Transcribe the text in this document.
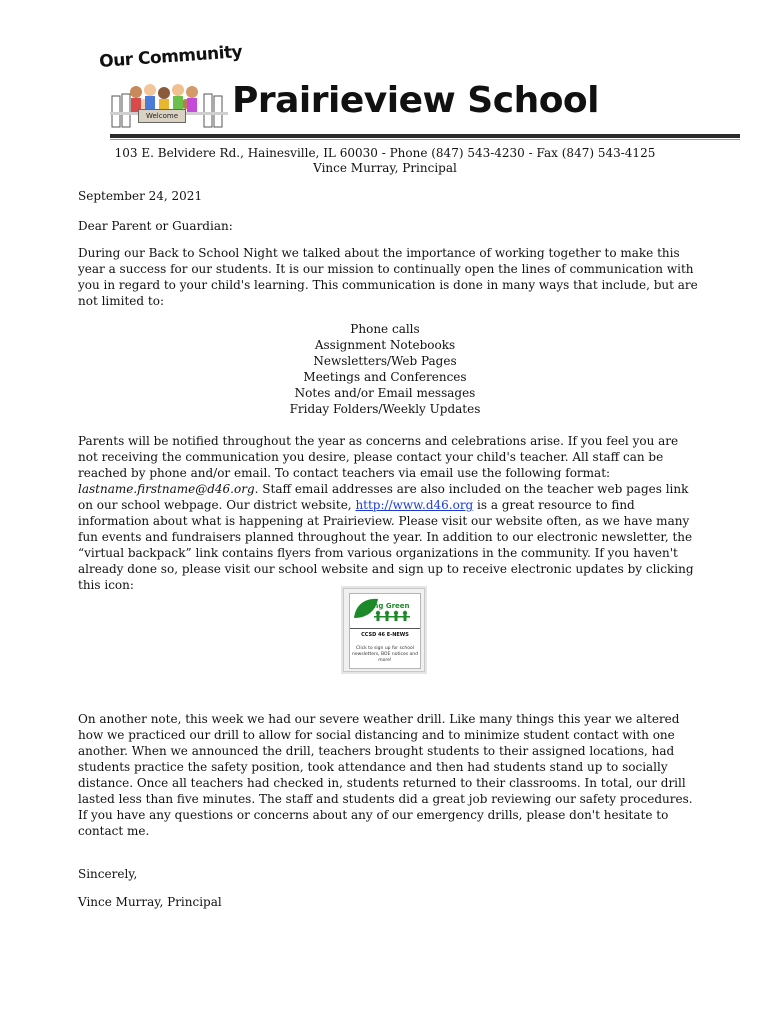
Our Community
Welcome Prairieview School
103 E. Belvidere Rd., Hainesville, IL 60030 - Phone (847) 543-4230 - Fax (847) 543-4125
Vince Murray, Principal
September 24, 2021
Dear Parent or Guardian:
During our Back to School Night we talked about the importance of working together to make this year a success for our students. It is our mission to continually open the lines of communication with you in regard to your child's learning. This communication is done in many ways that include, but are not limited to:
Phone calls
Assignment Notebooks
Newsletters/Web Pages
Meetings and Conferences
Notes and/or Email messages
Friday Folders/Weekly Updates
Parents will be notified throughout the year as concerns and celebrations arise. If you feel you are not receiving the communication you desire, please contact your child's teacher. All staff can be reached by phone and/or email. To contact teachers via email use the following format: lastname.firstname@d46.org. Staff email addresses are also included on the teacher web pages link on our school webpage. Our district website, http://www.d46.org is a great resource to find information about what is happening at Prairieview. Please visit our website often, as we have many fun events and fundraisers planned throughout the year. In addition to our electronic newsletter, the “virtual backpack” link contains flyers from various organizations in the community. If you haven't already done so, please visit our school website and sign up to receive electronic updates by clicking this icon:
Going Green
CCSD 46 E-NEWS
Click to sign up for school newsletters, BOE notices and more!
On another note, this week we had our severe weather drill. Like many things this year we altered how we practiced our drill to allow for social distancing and to minimize student contact with one another. When we announced the drill, teachers brought students to their assigned locations, had students practice the safety position, took attendance and then had students stand up to socially distance. Once all teachers had checked in, students returned to their classrooms. In total, our drill lasted less than five minutes. The staff and students did a great job reviewing our safety procedures. If you have any questions or concerns about any of our emergency drills, please don't hesitate to contact me.
Sincerely,
Vince Murray, Principal
